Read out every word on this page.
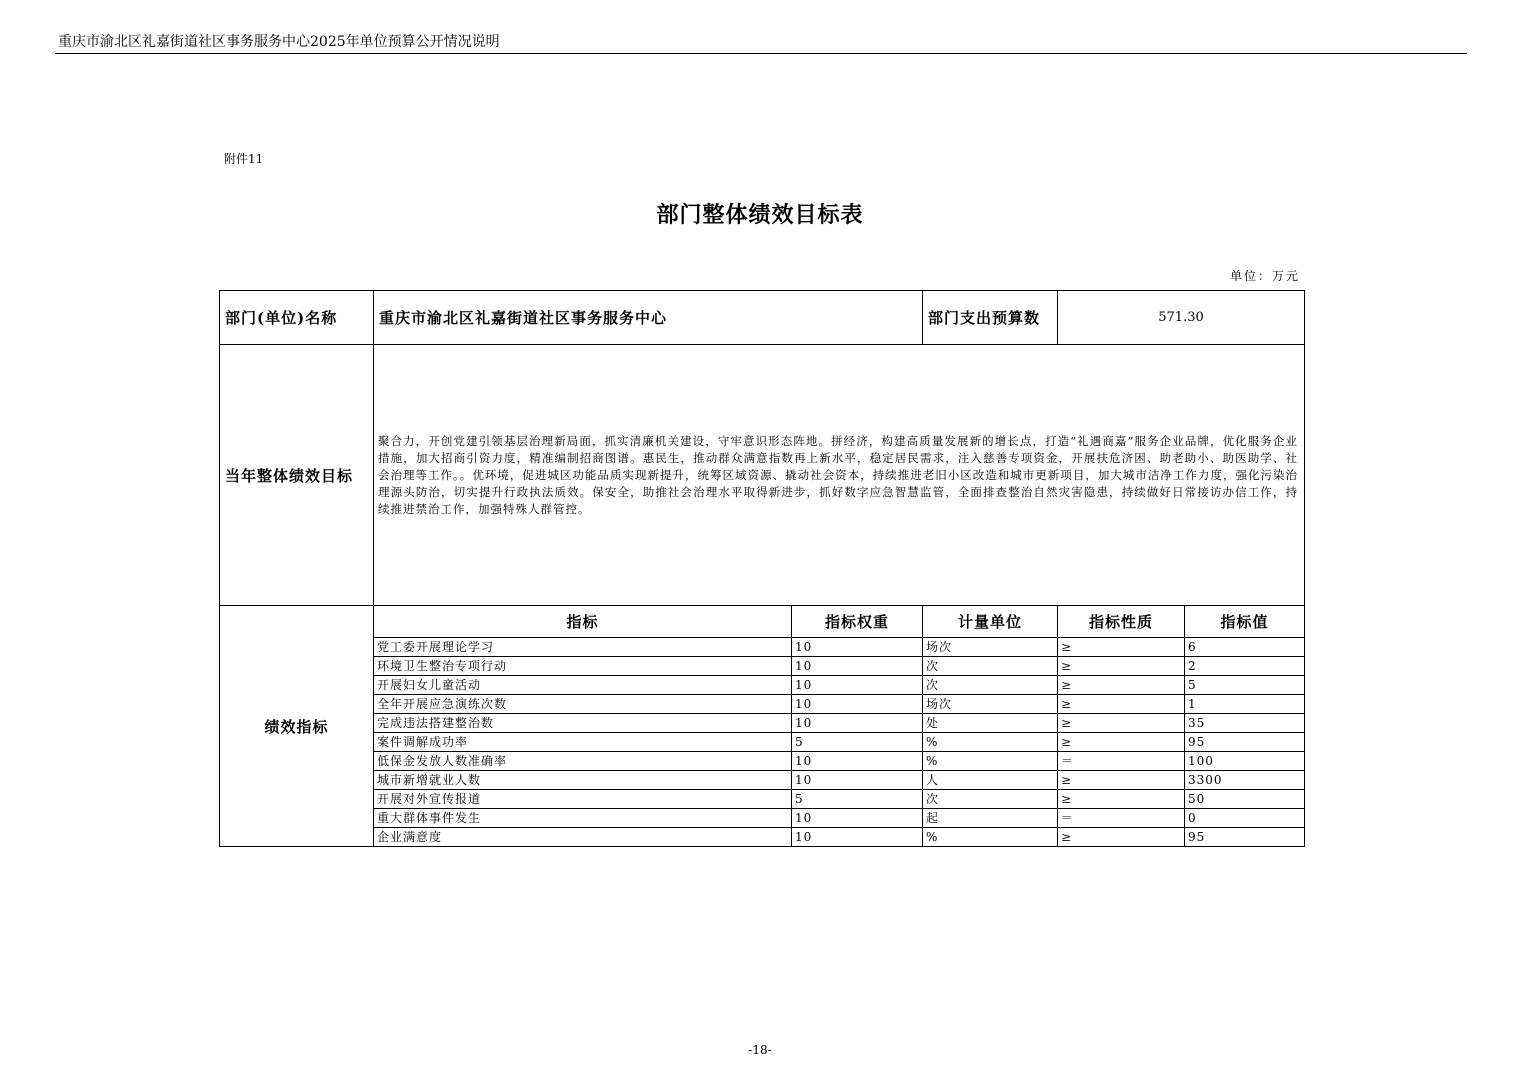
重庆市渝北区礼嘉街道社区事务服务中心2025年单位预算公开情况说明
附件11
部门整体绩效目标表
单位：万元
部门(单位)名称	重庆市渝北区礼嘉街道社区事务服务中心		部门支出预算数	571.30	
当年整体绩效目标	聚合力，开创党建引领基层治理新局面，抓实清廉机关建设，守牢意识形态阵地。拼经济，构建高质量发展新的增长点，打造“礼遇商嘉”服务企业品牌，优化服务企业措施，加大招商引资力度，精准编制招商图谱。惠民生，推动群众满意指数再上新水平，稳定居民需求，注入慈善专项资金，开展扶危济困、助老助小、助医助学、社会治理等工作。。优环境，促进城区功能品质实现新提升，统筹区域资源、撬动社会资本，持续推进老旧小区改造和城市更新项目，加大城市洁净工作力度，强化污染治理源头防治，切实提升行政执法质效。保安全，助推社会治理水平取得新进步，抓好数字应急智慧监管，全面排查整治自然灾害隐患，持续做好日常接访办信工作，持续推进禁治工作，加强特殊人群管控。				
绩效指标	指标	指标权重	计量单位	指标性质	指标值
	党工委开展理论学习	10	场次	≥	6
	环境卫生整治专项行动	10	次	≥	2
	开展妇女儿童活动	10	次	≥	5
	全年开展应急演练次数	10	场次	≥	1
	完成违法搭建整治数	10	处	≥	35
	案件调解成功率	5	%	≥	95
	低保金发放人数准确率	10	%	＝	100
	城市新增就业人数	10	人	≥	3300
	开展对外宣传报道	5	次	≥	50
	重大群体事件发生	10	起	＝	0
	企业满意度	10	%	≥	95
-18-
